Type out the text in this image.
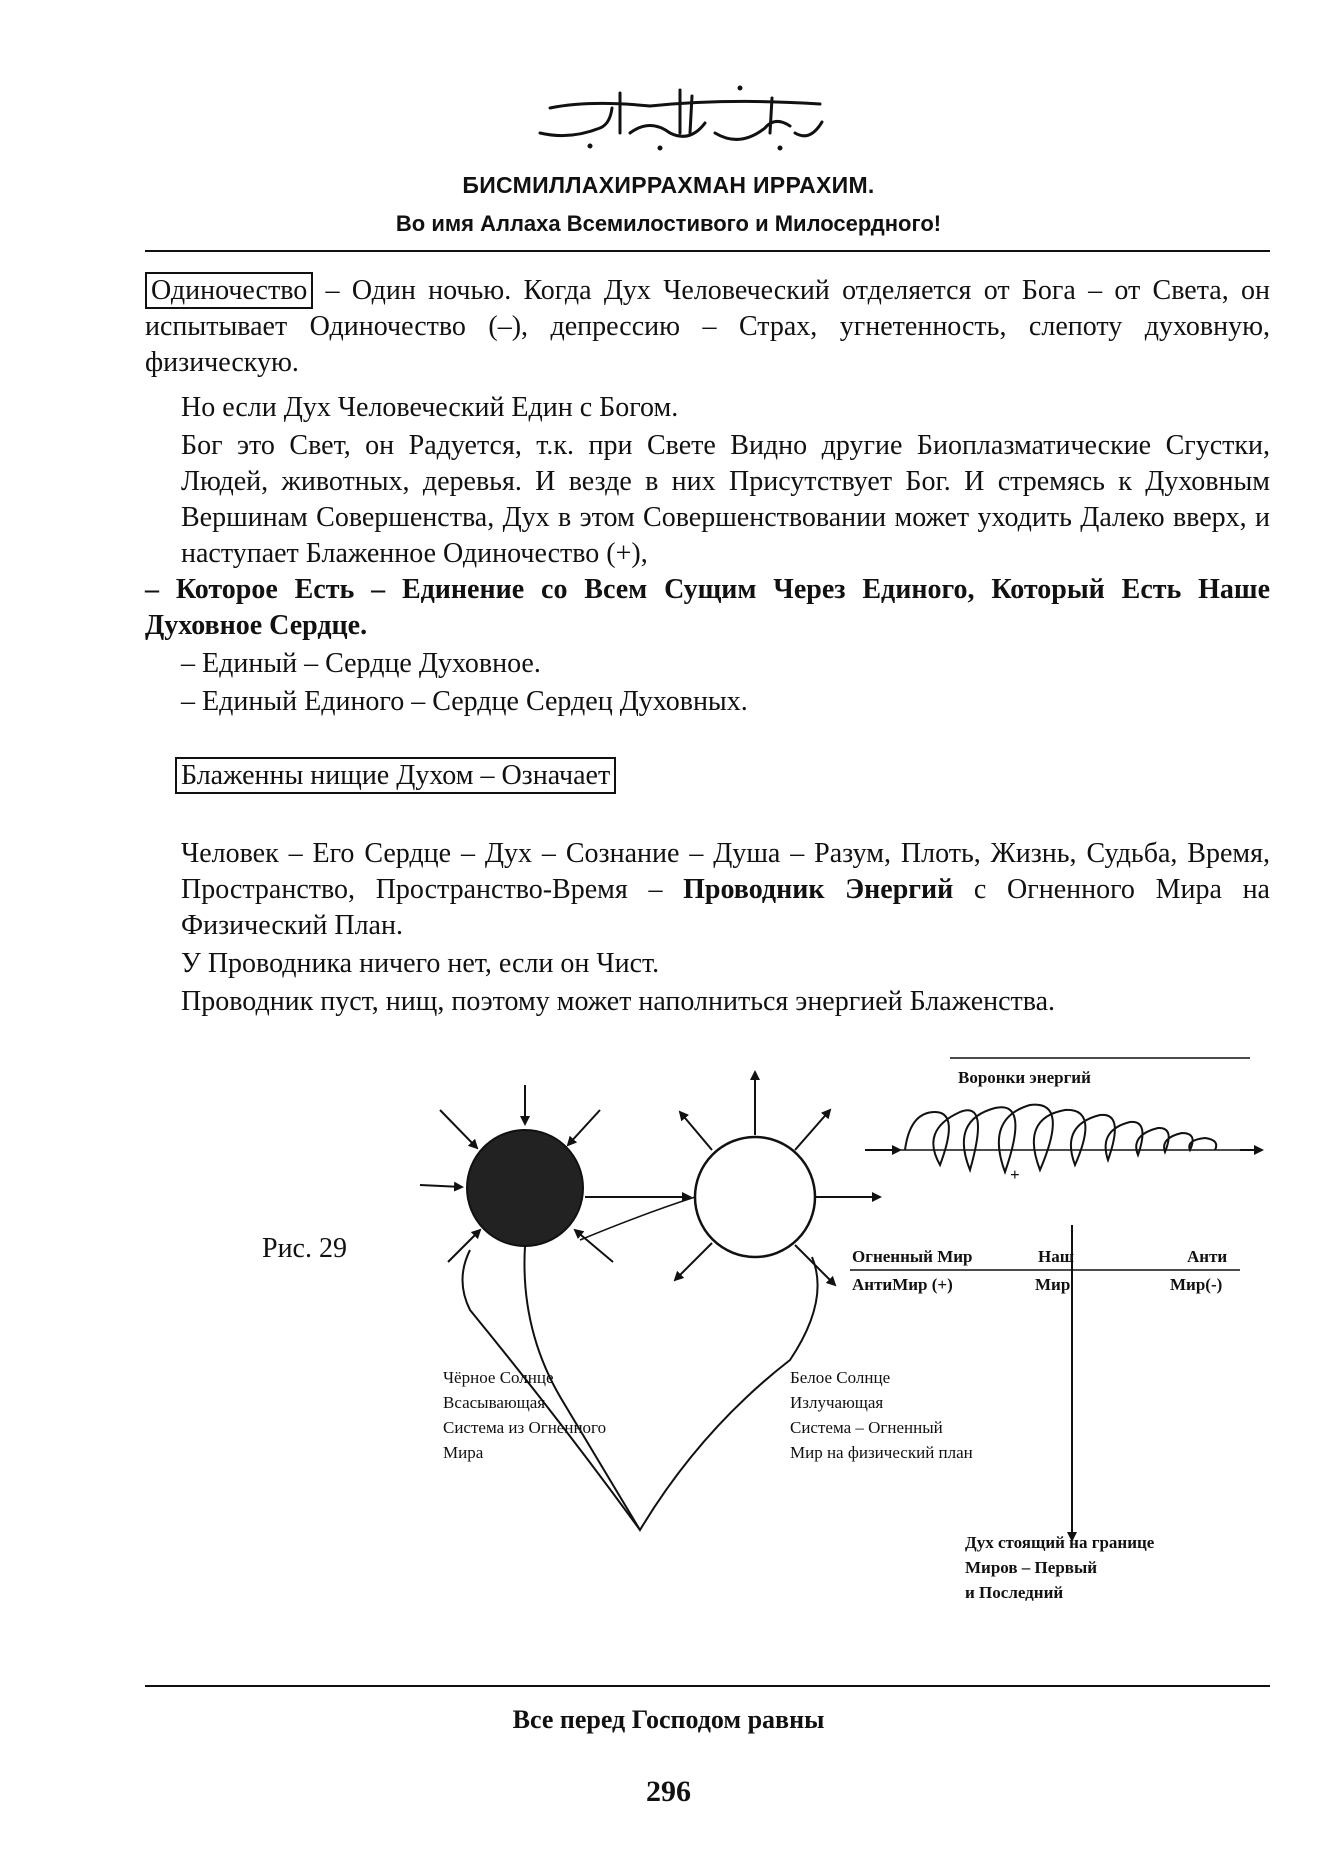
БИСМИЛЛАХИРРАХМАН ИРРАХИМ.
Во имя Аллаха Всемилостивого и Милосердного!
Одиночество – Один ночью. Когда Дух Человеческий отделяется от Бога – от Света, он испытывает Одиночество (–), депрессию – Страх, угнетенность, слепоту духовную, физическую.
Но если Дух Человеческий Един с Богом.
Бог это Свет, он Радуется, т.к. при Свете Видно другие Биоплазматические Сгустки, Людей, животных, деревья. И везде в них Присутствует Бог. И стремясь к Духовным Вершинам Совершенства, Дух в этом Совершенствовании может уходить Далеко вверх, и наступает Блаженное Одиночество (+),
– Которое Есть – Единение со Всем Сущим Через Единого, Который Есть Наше Духовное Сердце.
– Единый – Сердце Духовное.
– Единый Единого – Сердце Сердец Духовных.
Блаженны нищие Духом – Означает
Человек – Его Сердце – Дух – Сознание – Душа – Разум, Плоть, Жизнь, Судьба, Время, Пространство, Пространство-Время – Проводник Энергий с Огненного Мира на Физический План.
У Проводника ничего нет, если он Чист.
Проводник пуст, нищ, поэтому может наполниться энергией Блаженства.
Рис. 29
Воронки энергий
+
Огненный Мир
АнтиМир (+)
Наш
Мир
Анти
Мир(-)
Чёрное Солнце
Всасывающая
Система из Огненного
Мира
Белое Солнце
Излучающая
Система – Огненный
Мир на физический план
Дух стоящий на границе
Миров – Первый
и Последний
Все перед Господом равны
296
